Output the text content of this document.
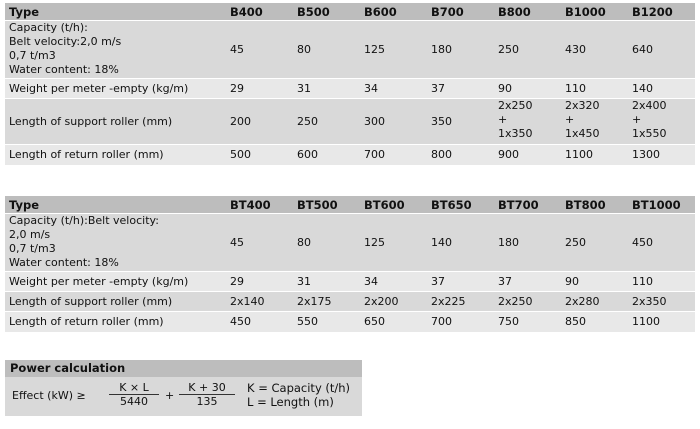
Type	B400	B500	B600	B700	B800	B1000	B1200
Capacity (t/h):
Belt velocity:2,0 m/s
0,7 t/m3
Water content: 18%	45	80	125	180	250	430	640
Weight per meter -empty (kg/m)	29	31	34	37	90	110	140
Length of support roller (mm)	200	250	300	350	2x250
+
1x350	2x320
+
1x450	2x400
+
1x550
Length of return roller (mm)	500	600	700	800	900	1100	1300
Type	BT400	BT500	BT600	BT650	BT700	BT800	BT1000
Capacity (t/h):Belt velocity:
2,0 m/s
0,7 t/m3
Water content: 18%	45	80	125	140	180	250	450
Weight per meter -empty (kg/m)	29	31	34	37	37	90	110
Length of support roller (mm)	2x140	2x175	2x200	2x225	2x250	2x280	2x350
Length of return roller (mm)	450	550	650	700	750	850	1100
Power calculation
Effect $(kW) \ge \frac{K \times L}{5440} + \frac{K + 30}{135}$ K = Capacity (t/h)
L = Length (m)
